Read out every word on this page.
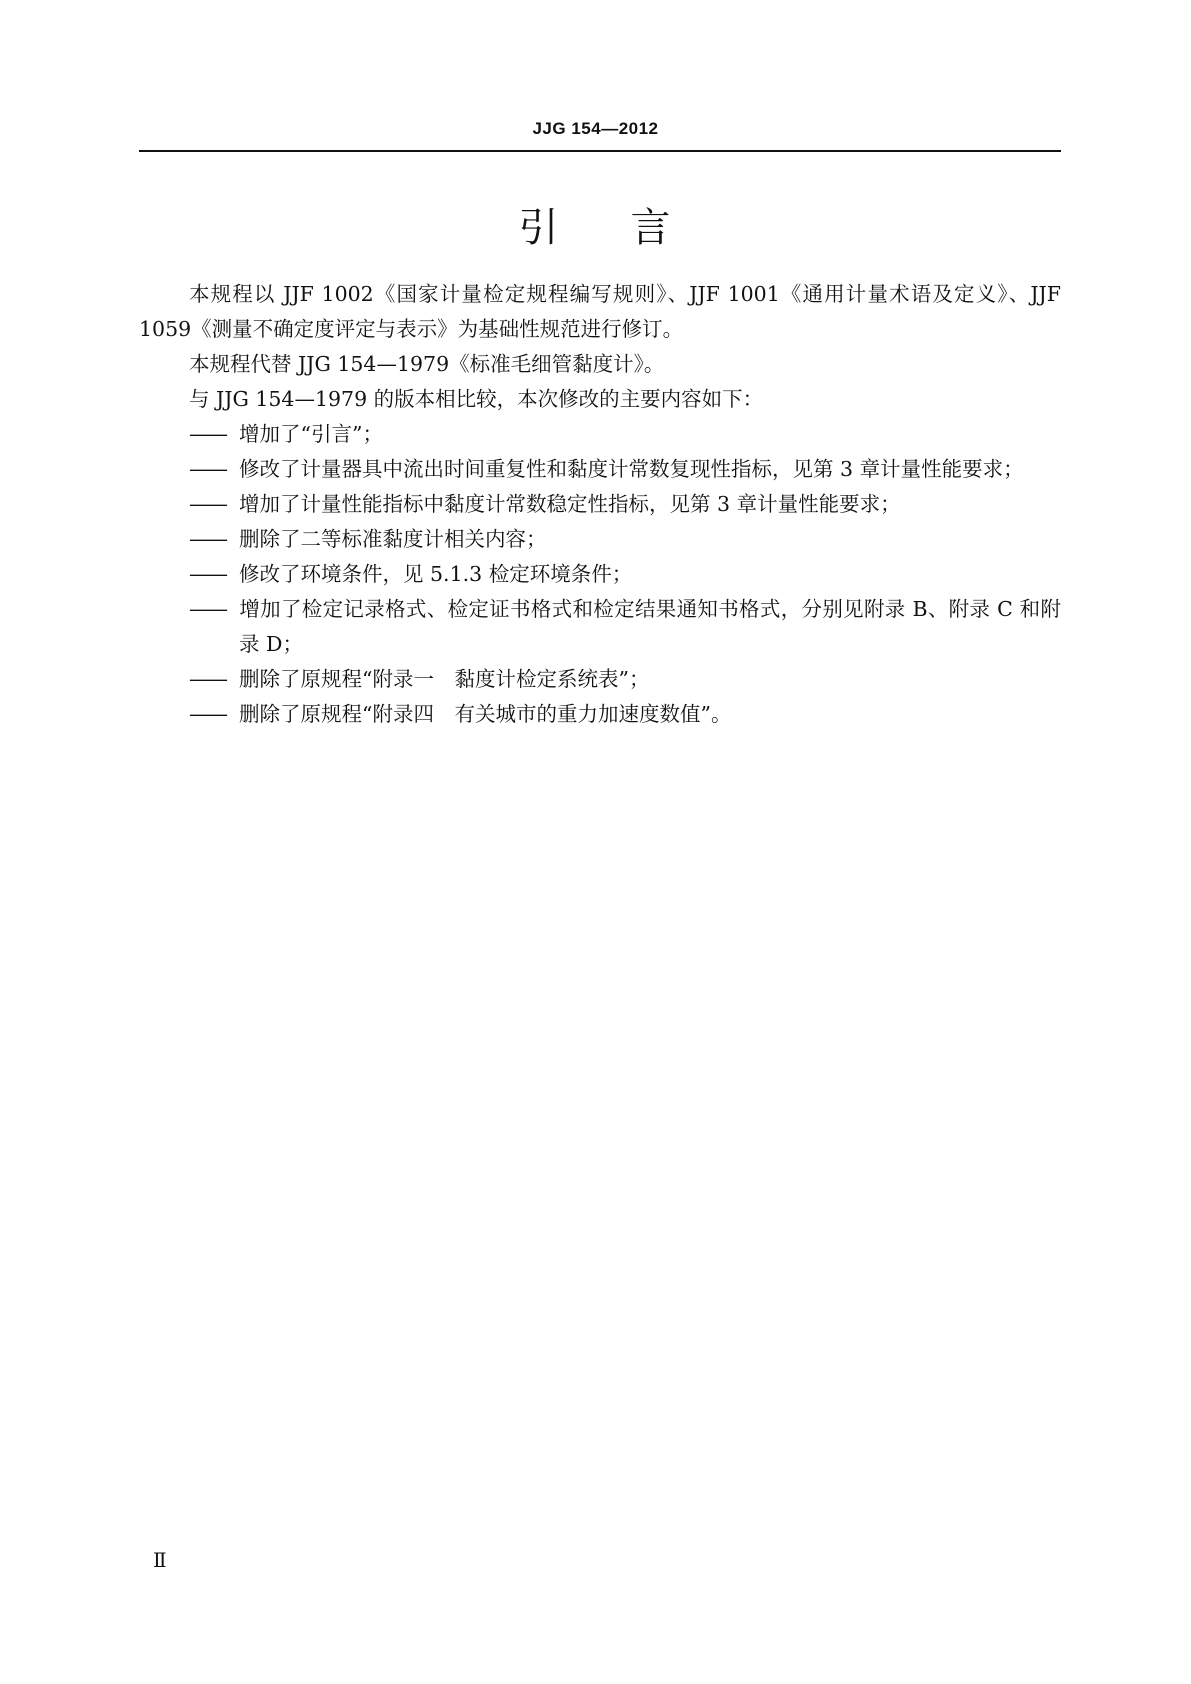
JJG 154—2012
引 言

本规程以 JJF 1002《国家计量检定规程编写规则》、JJF 1001《通用计量术语及定义》、JJF 1059《测量不确定度评定与表示》为基础性规范进行修订。

本规程代替 JJG 154—1979《标准毛细管黏度计》。

与 JJG 154—1979 的版本相比较，本次修改的主要内容如下：

—— 增加了“引言”；

—— 修改了计量器具中流出时间重复性和黏度计常数复现性指标，见第 3 章计量性能要求；

—— 增加了计量性能指标中黏度计常数稳定性指标，见第 3 章计量性能要求；

—— 删除了二等标准黏度计相关内容；

—— 修改了环境条件，见 5.1.3 检定环境条件；

—— 增加了检定记录格式、检定证书格式和检定结果通知书格式，分别见附录 B、附录 C 和附录 D；

—— 删除了原规程“附录一　黏度计检定系统表”；

—— 删除了原规程“附录四　有关城市的重力加速度数值”。

Ⅱ
